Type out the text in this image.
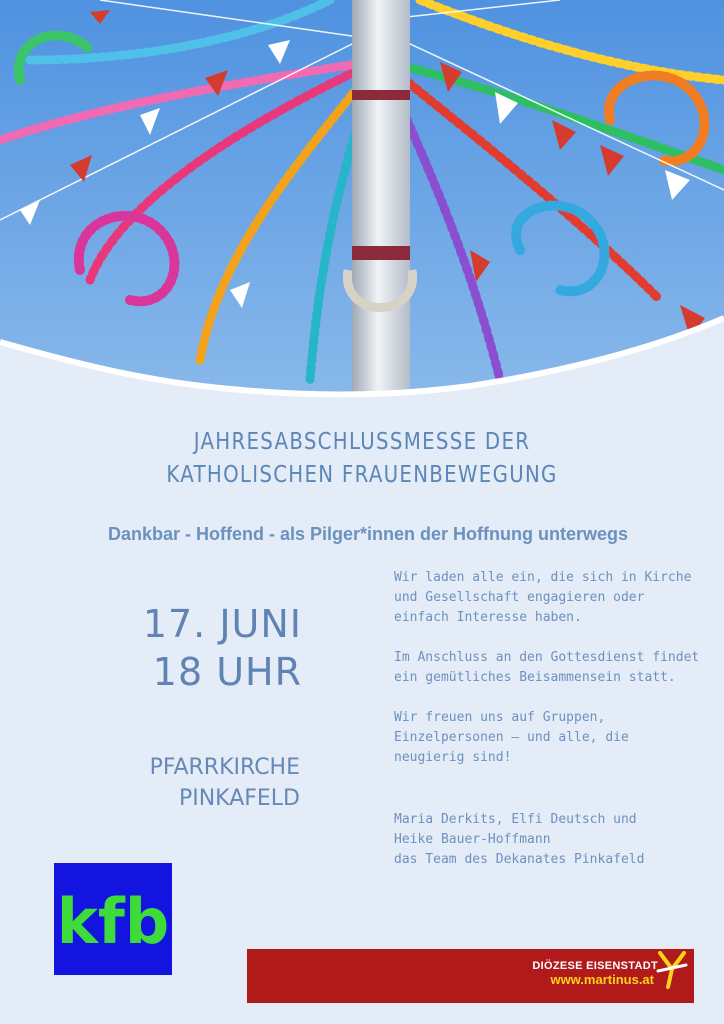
JAHRESABSCHLUSSMESSE DER
KATHOLISCHEN FRAUENBEWEGUNG
Dankbar - Hoffend - als Pilger*innen der Hoffnung unterwegs
17. JUNI
18 UHR
PFARRKIRCHE
PINKAFELD

Wir laden alle ein, die sich in Kirche und Gesellschaft engagieren oder einfach Interesse haben.

Im Anschluss an den Gottesdienst findet ein gemütliches Beisammensein statt.

Wir freuen uns auf Gruppen, Einzelpersonen – und alle, die neugierig sind!

Maria Derkits, Elfi Deutsch und
Heike Bauer-Hoffmann
das Team des Dekanates Pinkafeld
kfb
DIÖZESE EISENSTADT
www.martinus.at
